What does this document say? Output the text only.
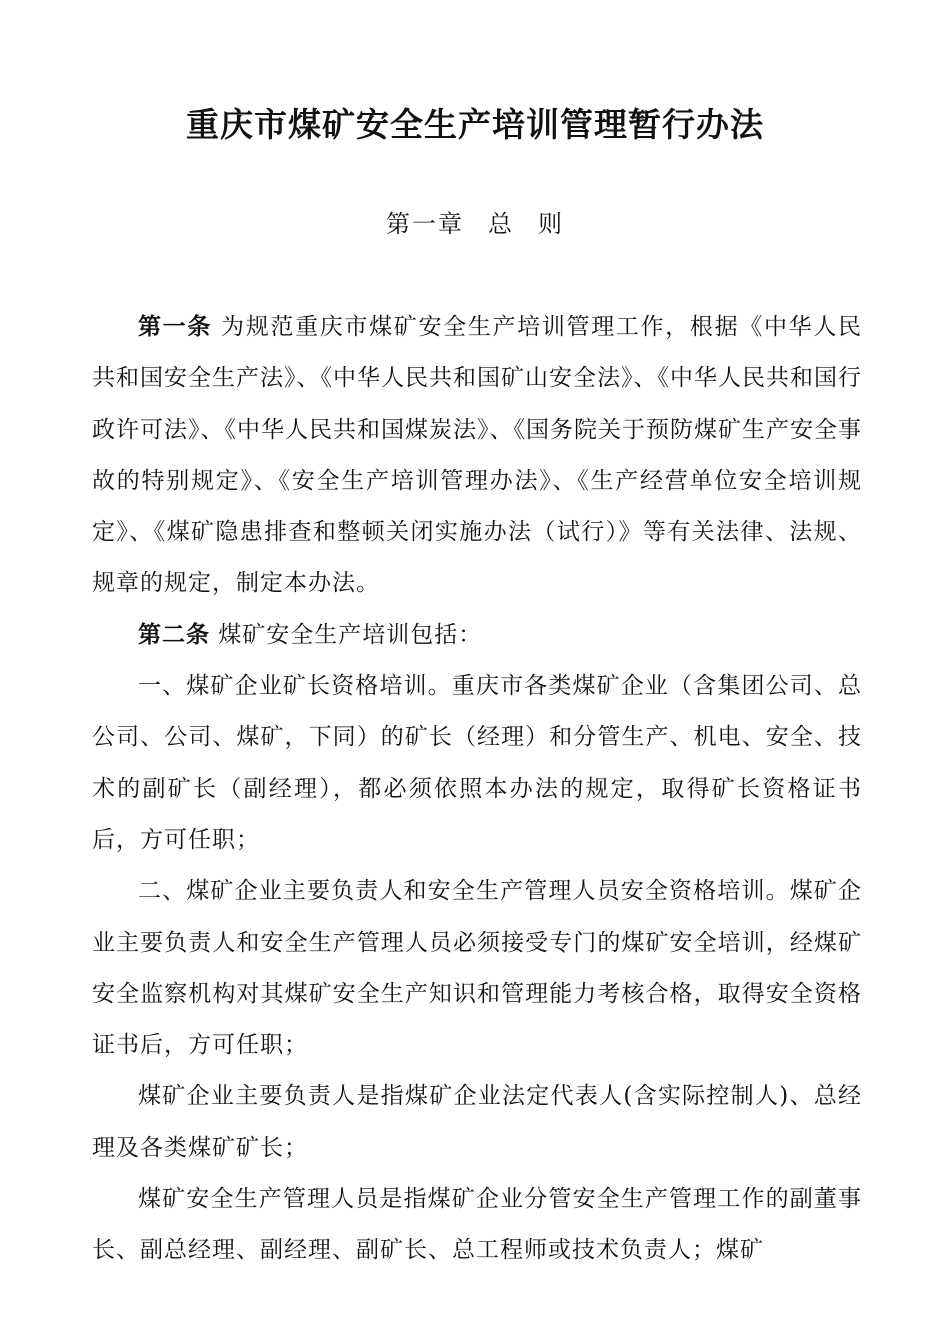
重庆市煤矿安全生产培训管理暂行办法
第一章 总 则

第一条 为规范重庆市煤矿安全生产培训管理工作，根据《中华人民共和国安全生产法》、《中华人民共和国矿山安全法》、《中华人民共和国行政许可法》、《中华人民共和国煤炭法》、《国务院关于预防煤矿生产安全事故的特别规定》、《安全生产培训管理办法》、《生产经营单位安全培训规定》、《煤矿隐患排查和整顿关闭实施办法（试行）》等有关法律、法规、规章的规定，制定本办法。

第二条 煤矿安全生产培训包括：

一、煤矿企业矿长资格培训。重庆市各类煤矿企业（含集团公司、总公司、公司、煤矿，下同）的矿长（经理）和分管生产、机电、安全、技术的副矿长（副经理），都必须依照本办法的规定，取得矿长资格证书后，方可任职；

二、煤矿企业主要负责人和安全生产管理人员安全资格培训。煤矿企业主要负责人和安全生产管理人员必须接受专门的煤矿安全培训，经煤矿安全监察机构对其煤矿安全生产知识和管理能力考核合格，取得安全资格证书后，方可任职；

煤矿企业主要负责人是指煤矿企业法定代表人(含实际控制人)、总经理及各类煤矿矿长；

煤矿安全生产管理人员是指煤矿企业分管安全生产管理工作的副董事长、副总经理、副经理、副矿长、总工程师或技术负责人；煤矿
